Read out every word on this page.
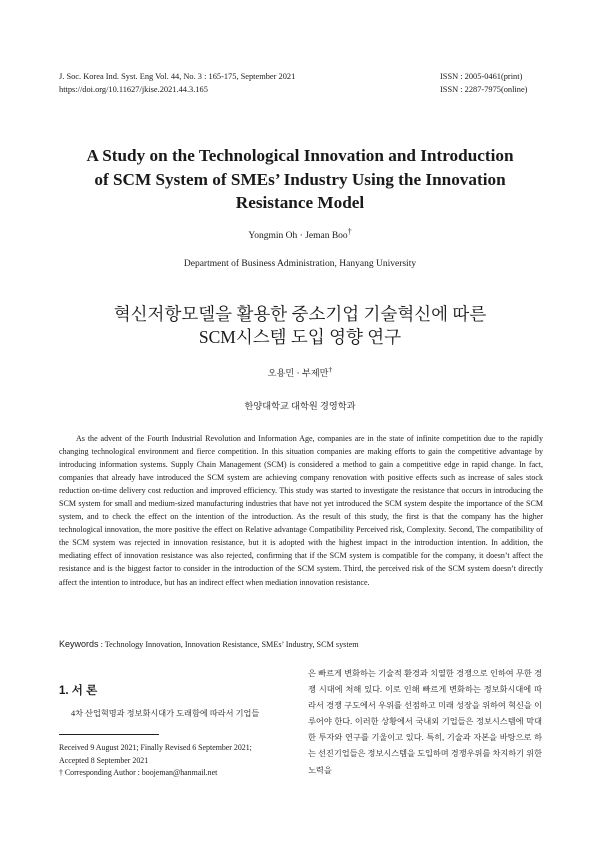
J. Soc. Korea Ind. Syst. Eng Vol. 44, No. 3 : 165-175, September 2021
https://doi.org/10.11627/jkise.2021.44.3.165
ISSN : 2005-0461(print)
ISSN : 2287-7975(online)
A Study on the Technological Innovation and Introduction
of SCM System of SMEs’ Industry Using the Innovation
Resistance Model
Yongmin Oh · Jeman Boo†
Department of Business Administration, Hanyang University
혁신저항모델을 활용한 중소기업 기술혁신에 따른
SCM시스템 도입 영향 연구
오용민 · 부제만†
한양대학교 대학원 경영학과

As the advent of the Fourth Industrial Revolution and Information Age, companies are in the state of infinite competition due to the rapidly changing technological environment and fierce competition. In this situation companies are making efforts to gain the competitive advantage by introducing information systems. Supply Chain Management (SCM) is considered a method to gain a competitive edge in rapid change. In fact, companies that already have introduced the SCM system are achieving company renovation with positive effects such as increase of sales stock reduction on-time delivery cost reduction and improved efficiency. This study was started to investigate the resistance that occurs in introducing the SCM system for small and medium-sized manufacturing industries that have not yet introduced the SCM system despite the importance of the SCM system, and to check the effect on the intention of the introduction. As the result of this study, the first is that the company has the higher technological innovation, the more positive the effect on Relative advantage Compatibility Perceived risk, Complexity. Second, The compatibility of the SCM system was rejected in innovation resistance, but it is adopted with the highest impact in the introduction intention. In addition, the mediating effect of innovation resistance was also rejected, confirming that if the SCM system is compatible for the company, it doesn’t affect the resistance and is the biggest factor to consider in the introduction of the SCM system. Third, the perceived risk of the SCM system doesn’t directly affect the intention to introduce, but has an indirect effect when mediation innovation resistance.

Keywords : Technology Innovation, Innovation Resistance, SMEs’ Industry, SCM system
1. 서 론

4차 산업혁명과 정보화시대가 도래함에 따라서 기업들

Received 9 August 2021; Finally Revised 6 September 2021;
Accepted 8 September 2021
† Corresponding Author : boojeman@hanmail.net

은 빠르게 변화하는 기술적 환경과 치열한 경쟁으로 인하여 무한 경쟁 시대에 처해 있다. 이로 인해 빠르게 변화하는 정보화시대에 따라서 경쟁 구도에서 우위를 선점하고 미래 성장을 위하여 혁신을 이루어야 한다. 이러한 상황에서 국내외 기업들은 정보시스템에 막대한 투자와 연구를 기울이고 있다. 특히, 기술과 자본을 바탕으로 하는 선진기업들은 정보시스템을 도입하며 경쟁우위를 차지하기 위한 노력을
